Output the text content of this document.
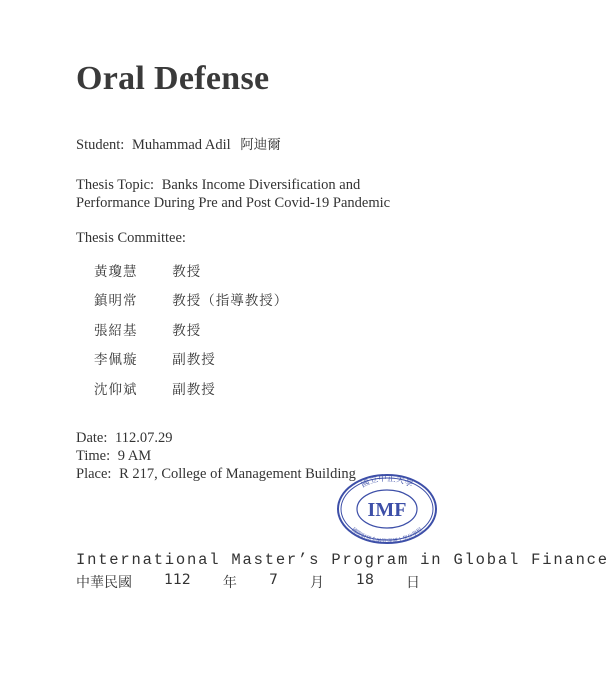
Oral Defense
Student: Muhammad Adil 阿迪爾
Thesis Topic: Banks Income Diversification and
Performance During Pre and Post Covid-19 Pandemic
Thesis Committee:
黃瓊慧	教授
鎮明常	教授（指導教授）
張紹基	教授
李佩璇	副教授
沈仰斌	副教授
Date: 112.07.29
Time: 9 AM
Place: R 217, College of Management Building
國立中正大學
IMF
國際財務金融管理碩士學位學程
International Master’s Program in Global Finance
中華民國 112 年 7 月 18 日
